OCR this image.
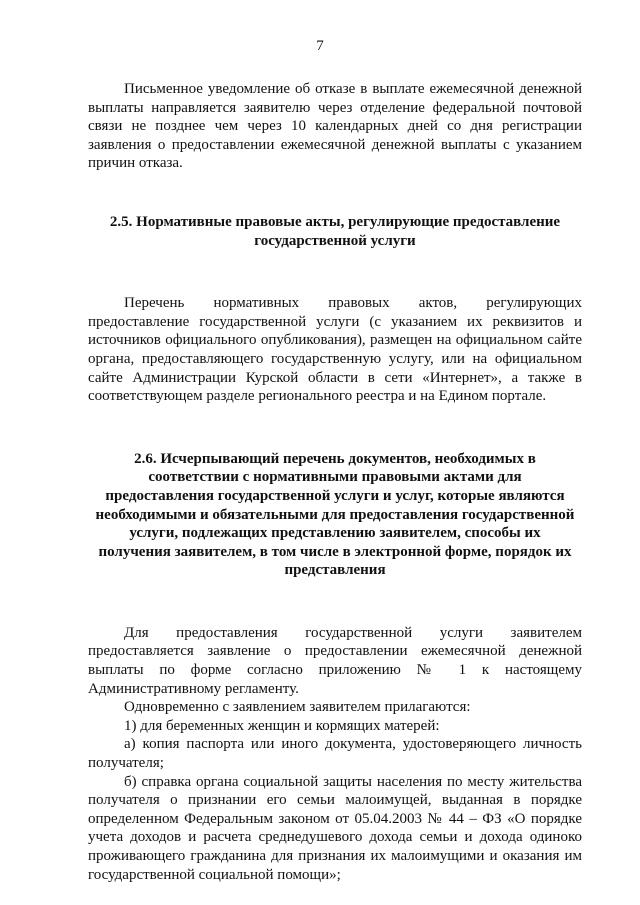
7

Письменное уведомление об отказе в выплате ежемесячной денежной выплаты направляется заявителю через отделение федеральной почтовой связи не позднее чем через 10 календарных дней со дня регистрации заявления о предоставлении ежемесячной денежной выплаты с указанием причин отказа.

2.5. Нормативные правовые акты, регулирующие предоставление государственной услуги

Перечень нормативных правовых актов, регулирующих предоставление государственной услуги (с указанием их реквизитов и источников официального опубликования), размещен на официальном сайте органа, предоставляющего государственную услугу, или на официальном сайте Администрации Курской области в сети «Интернет», а также в соответствующем разделе регионального реестра и на Едином портале.

2.6. Исчерпывающий перечень документов, необходимых в соответствии с нормативными правовыми актами для предоставления государственной услуги и услуг, которые являются необходимыми и обязательными для предоставления государственной услуги, подлежащих представлению заявителем, способы их получения заявителем, в том числе в электронной форме, порядок их представления

Для предоставления государственной услуги заявителем предоставляется заявление о предоставлении ежемесячной денежной выплаты по форме согласно приложению № 1 к настоящему Административному регламенту.

Одновременно с заявлением заявителем прилагаются:

1) для беременных женщин и кормящих матерей:

а) копия паспорта или иного документа, удостоверяющего личность получателя;

б) справка органа социальной защиты населения по месту жительства получателя о признании его семьи малоимущей, выданная в порядке определенном Федеральным законом от 05.04.2003 № 44 – ФЗ «О порядке учета доходов и расчета среднедушевого дохода семьи и дохода одиноко проживающего гражданина для признания их малоимущими и оказания им государственной социальной помощи»;
